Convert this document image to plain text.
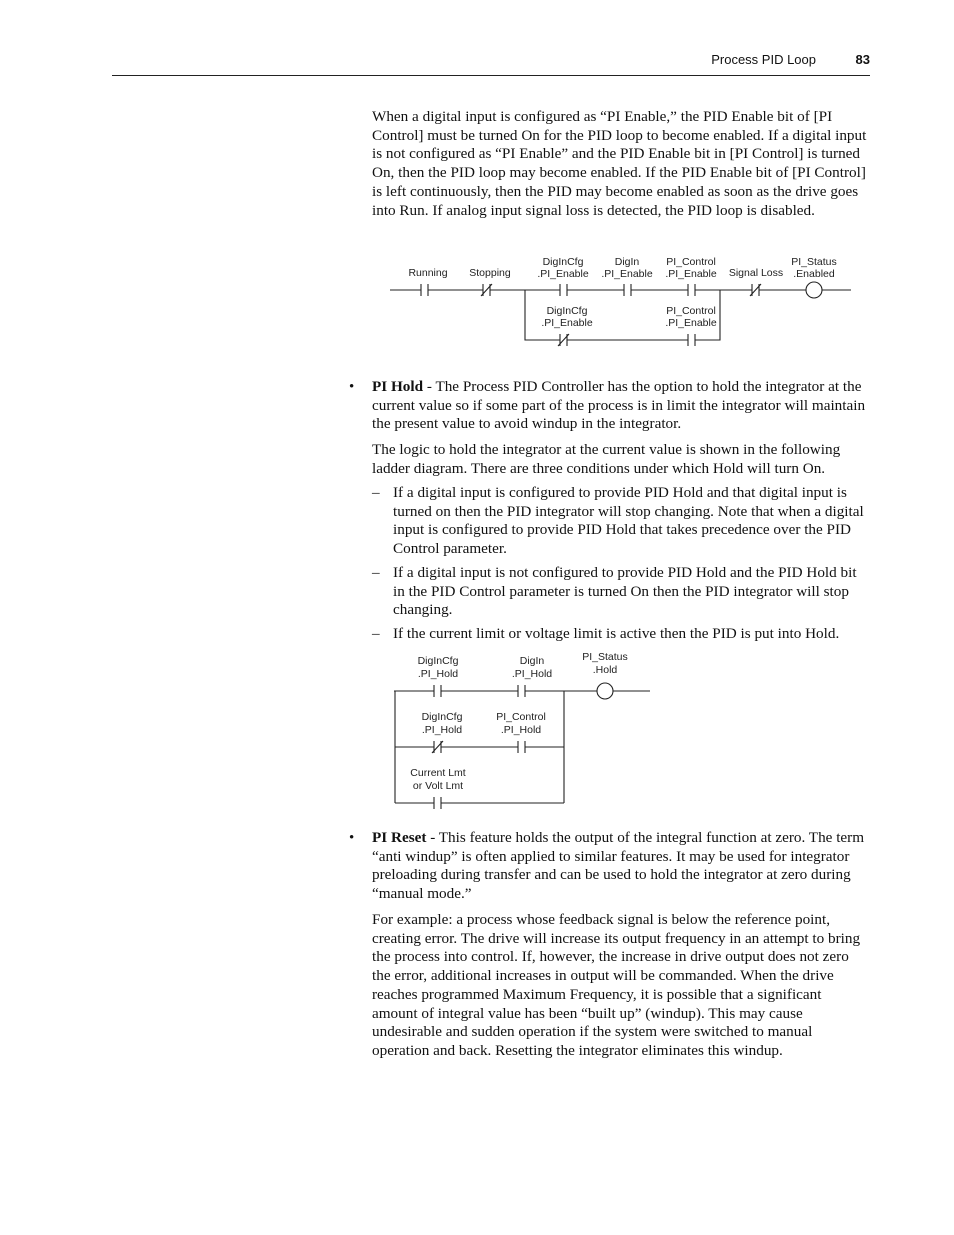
Process PID Loop	83

When a digital input is configured as “PI Enable,” the PID Enable bit of [PI Control] must be turned On for the PID loop to become enabled. If a digital input is not configured as “PI Enable” and the PID Enable bit in [PI Control] is turned On, then the PID loop may become enabled. If the PID Enable bit of [PI Control] is left continuously, then the PID may become enabled as soon as the drive goes into Run. If analog input signal loss is detected, the PID loop is disabled.

Running Stopping
DigInCfg
.PI_Enable
DigIn
.PI_Enable
PI_Control
.PI_Enable Signal Loss
PI_Status
.Enabled
DigInCfg
.PI_Enable
PI_Control
.PI_Enable
• PI Hold - The Process PID Controller has the option to hold the integrator at the current value so if some part of the process is in limit the integrator will maintain the present value to avoid windup in the integrator.

The logic to hold the integrator at the current value is shown in the following ladder diagram. There are three conditions under which Hold will turn On.

– If a digital input is configured to provide PID Hold and that digital input is turned on then the PID integrator will stop changing. Note that when a digital input is configured to provide PID Hold that takes precedence over the PID Control parameter.

– If a digital input is not configured to provide PID Hold and the PID Hold bit in the PID Control parameter is turned On then the PID integrator will stop changing.

– If the current limit or voltage limit is active then the PID is put into Hold.

DigInCfg
.PI_Hold
DigIn
.PI_Hold
PI_Status
.Hold
DigInCfg
.PI_Hold
PI_Control
.PI_Hold
Current Lmt
or Volt Lmt
• PI Reset - This feature holds the output of the integral function at zero. The term “anti windup” is often applied to similar features. It may be used for integrator preloading during transfer and can be used to hold the integrator at zero during “manual mode.”

For example: a process whose feedback signal is below the reference point, creating error. The drive will increase its output frequency in an attempt to bring the process into control. If, however, the increase in drive output does not zero the error, additional increases in output will be commanded. When the drive reaches programmed Maximum Frequency, it is possible that a significant amount of integral value has been “built up” (windup). This may cause undesirable and sudden operation if the system were switched to manual operation and back. Resetting the integrator eliminates this windup.
